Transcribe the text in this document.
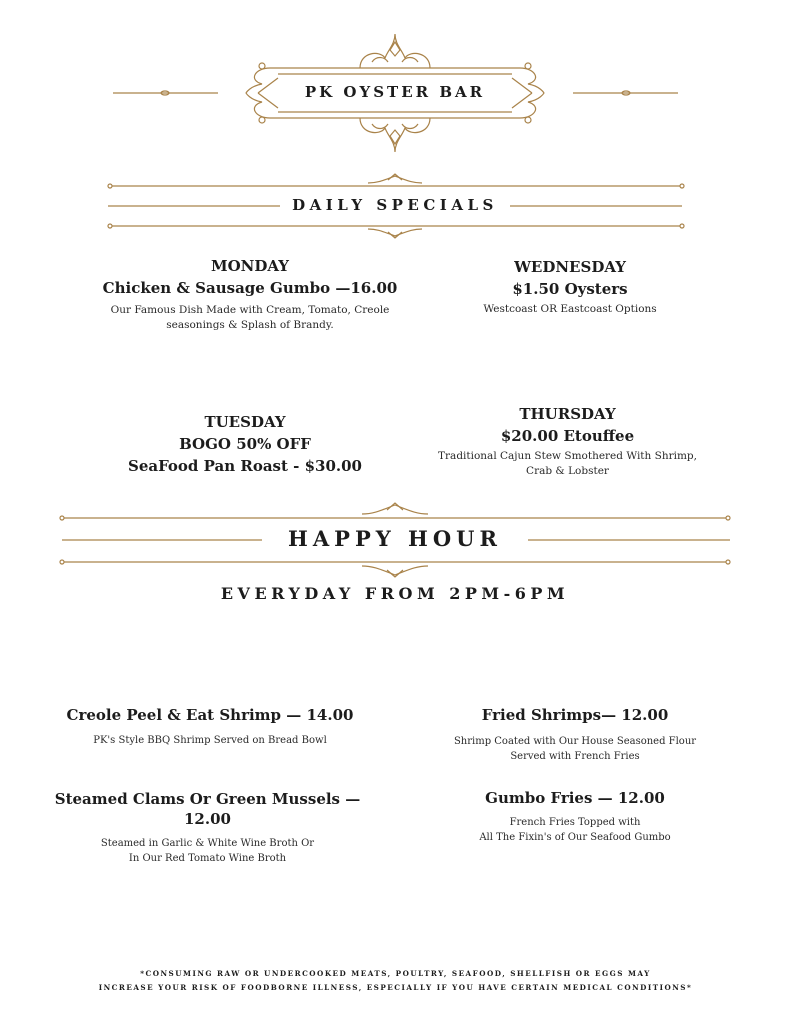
PK OYSTER BAR
DAILY SPECIALS
MONDAY
Chicken & Sausage Gumbo —16.00
Our Famous Dish Made with Cream, Tomato, Creole
seasonings & Splash of Brandy.
WEDNESDAY
$1.50 Oysters
Westcoast OR Eastcoast Options
TUESDAY
BOGO 50% OFF
SeaFood Pan Roast - $30.00
THURSDAY
$20.00 Etouffee
Traditional Cajun Stew Smothered With Shrimp,
Crab & Lobster
HAPPY HOUR
EVERYDAY FROM 2PM-6PM
Creole Peel & Eat Shrimp — 14.00
PK's Style BBQ Shrimp Served on Bread Bowl
Fried Shrimps— 12.00
Shrimp Coated with Our House Seasoned Flour
Served with French Fries
Steamed Clams Or Green Mussels — 12.00
Steamed in Garlic & White Wine Broth Or
In Our Red Tomato Wine Broth
Gumbo Fries — 12.00
French Fries Topped with
All The Fixin's of Our Seafood Gumbo
*CONSUMING RAW OR UNDERCOOKED MEATS, POULTRY, SEAFOOD, SHELLFISH OR EGGS MAY
INCREASE YOUR RISK OF FOODBORNE ILLNESS, ESPECIALLY IF YOU HAVE CERTAIN MEDICAL CONDITIONS*
